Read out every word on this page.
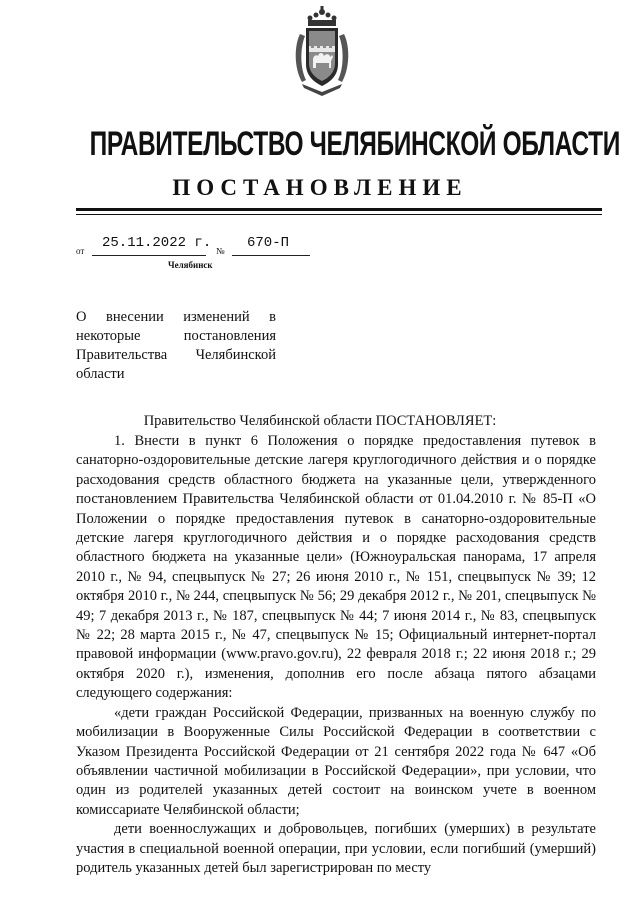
ПРАВИТЕЛЬСТВО ЧЕЛЯБИНСКОЙ ОБЛАСТИ
ПОСТАНОВЛЕНИЕ
от 25.11.2022 г. № 670-П
Челябинск

О внесении изменений в некоторые постановления Правительства Челябинской области

Правительство Челябинской области ПОСТАНОВЛЯЕТ:

1. Внести в пункт 6 Положения о порядке предоставления путевок в санаторно-оздоровительные детские лагеря круглогодичного действия и о порядке расходования средств областного бюджета на указанные цели, утвержденного постановлением Правительства Челябинской области от 01.04.2010 г. № 85-П «О Положении о порядке предоставления путевок в санаторно-оздоровительные детские лагеря круглогодичного действия и о порядке расходования средств областного бюджета на указанные цели» (Южноуральская панорама, 17 апреля 2010 г., № 94, спецвыпуск № 27; 26 июня 2010 г., № 151, спецвыпуск № 39; 12 октября 2010 г., № 244, спецвыпуск № 56; 29 декабря 2012 г., № 201, спецвыпуск № 49; 7 декабря 2013 г., № 187, спецвыпуск № 44; 7 июня 2014 г., № 83, спецвыпуск № 22; 28 марта 2015 г., № 47, спецвыпуск № 15; Официальный интернет-портал правовой информации (www.pravo.gov.ru), 22 февраля 2018 г.; 22 июня 2018 г.; 29 октября 2020 г.), изменения, дополнив его после абзаца пятого абзацами следующего содержания:

«дети граждан Российской Федерации, призванных на военную службу по мобилизации в Вооруженные Силы Российской Федерации в соответствии с Указом Президента Российской Федерации от 21 сентября 2022 года № 647 «Об объявлении частичной мобилизации в Российской Федерации», при условии, что один из родителей указанных детей состоит на воинском учете в военном комиссариате Челябинской области;

дети военнослужащих и добровольцев, погибших (умерших) в результате участия в специальной военной операции, при условии, если погибший (умерший) родитель указанных детей был зарегистрирован по месту
